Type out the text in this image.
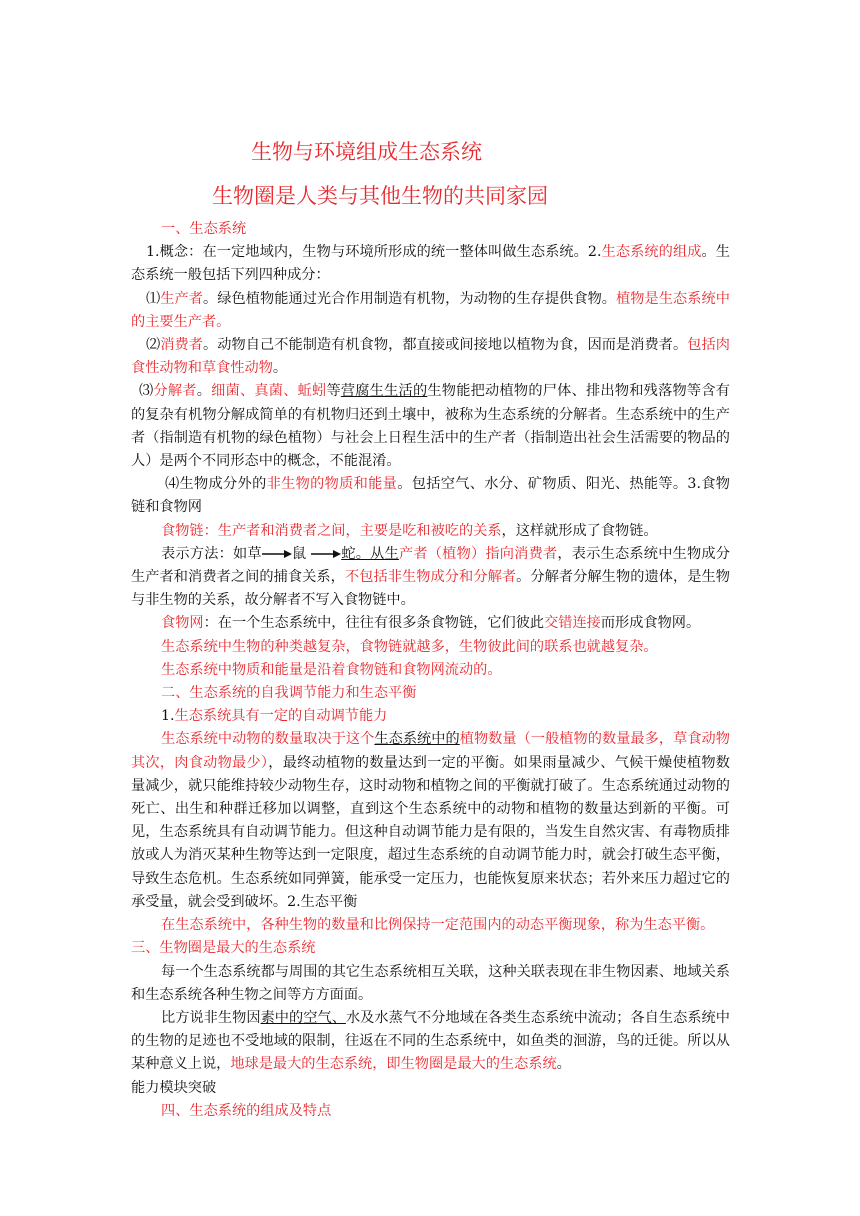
生物与环境组成生态系统
生物圈是人类与其他生物的共同家园

一、生态系统

1.概念：在一定地域内，生物与环境所形成的统一整体叫做生态系统。2.生态系统的组成。生态系统一般包括下列四种成分：

⑴生产者。绿色植物能通过光合作用制造有机物，为动物的生存提供食物。植物是生态系统中的主要生产者。

⑵消费者。动物自己不能制造有机食物，都直接或间接地以植物为食，因而是消费者。包括肉食性动物和草食性动物。

⑶分解者。细菌、真菌、蚯蚓等营腐生生活的生物能把动植物的尸体、排出物和残落物等含有的复杂有机物分解成简单的有机物归还到土壤中，被称为生态系统的分解者。生态系统中的生产者（指制造有机物的绿色植物）与社会上日程生活中的生产者（指制造出社会生活需要的物品的人）是两个不同形态中的概念，不能混淆。

⑷生物成分外的非生物的物质和能量。包括空气、水分、矿物质、阳光、热能等。3.食物链和食物网

食物链：生产者和消费者之间，主要是吃和被吃的关系，这样就形成了食物链。

表示方法：如草 鼠 蛇。从生产者（植物）指向消费者，表示生态系统中生物成分生产者和消费者之间的捕食关系，不包括非生物成分和分解者。分解者分解生物的遗体，是生物与非生物的关系，故分解者不写入食物链中。

食物网：在一个生态系统中，往往有很多条食物链，它们彼此交错连接而形成食物网。

生态系统中生物的种类越复杂，食物链就越多，生物彼此间的联系也就越复杂。

生态系统中物质和能量是沿着食物链和食物网流动的。

二、生态系统的自我调节能力和生态平衡

1.生态系统具有一定的自动调节能力

生态系统中动物的数量取决于这个生态系统中的植物数量（一般植物的数量最多，草食动物其次，肉食动物最少），最终动植物的数量达到一定的平衡。如果雨量减少、气候干燥使植物数量减少，就只能维持较少动物生存，这时动物和植物之间的平衡就打破了。生态系统通过动物的死亡、出生和种群迁移加以调整，直到这个生态系统中的动物和植物的数量达到新的平衡。可见，生态系统具有自动调节能力。但这种自动调节能力是有限的，当发生自然灾害、有毒物质排放或人为消灭某种生物等达到一定限度，超过生态系统的自动调节能力时，就会打破生态平衡，导致生态危机。生态系统如同弹簧，能承受一定压力，也能恢复原来状态；若外来压力超过它的承受量，就会受到破坏。2.生态平衡

在生态系统中，各种生物的数量和比例保持一定范围内的动态平衡现象，称为生态平衡。

三、生物圈是最大的生态系统

每一个生态系统都与周围的其它生态系统相互关联，这种关联表现在非生物因素、地域关系和生态系统各种生物之间等方方面面。

比方说非生物因素中的空气、水及水蒸气不分地域在各类生态系统中流动；各自生态系统中的生物的足迹也不受地域的限制，往返在不同的生态系统中，如鱼类的洄游，鸟的迁徙。所以从某种意义上说，地球是最大的生态系统，即生物圈是最大的生态系统。

能力模块突破

四、生态系统的组成及特点
